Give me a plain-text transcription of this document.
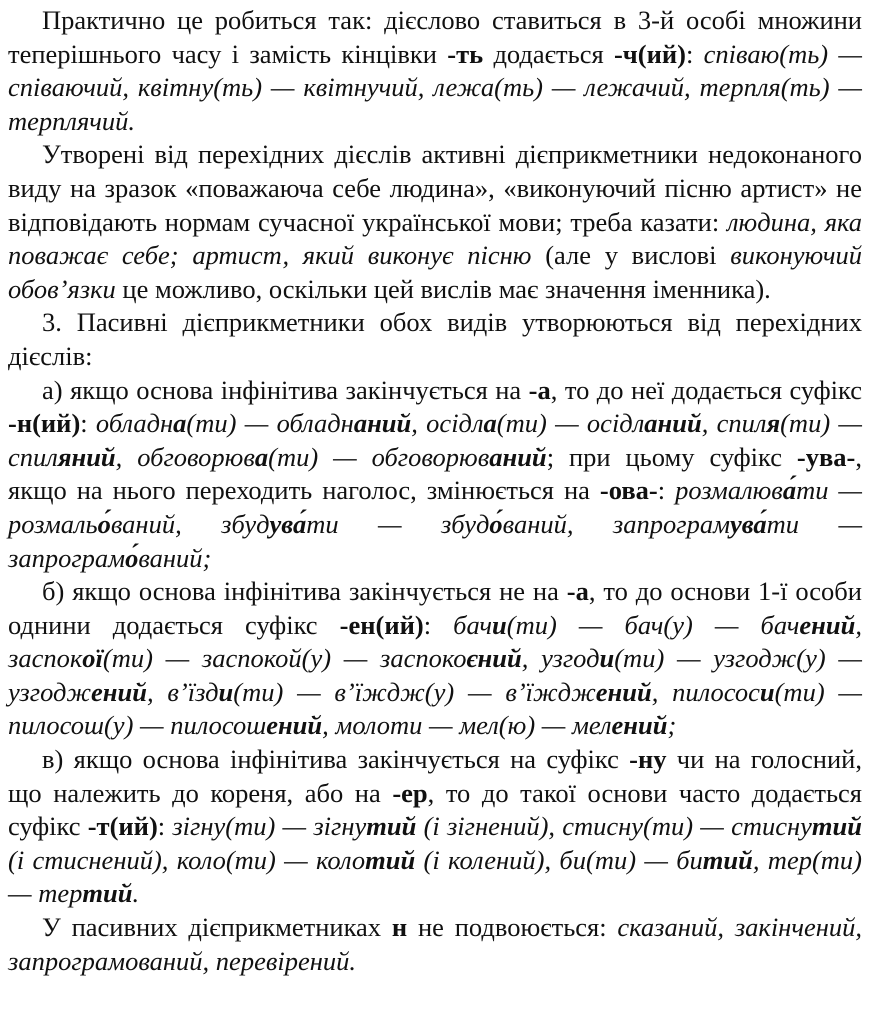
Практично це робиться так: дієслово ставиться в 3-й особі множини теперішнього часу і замість кінцівки -ть додається -ч(ий): співаю(ть) — співаючий, квітну(ть) — квітнучий, лежа(ть) — лежачий, терпля(ть) — терплячий.

Утворені від перехідних дієслів активні дієприкметники недоконаного виду на зразок «поважаюча себе людина», «виконуючий пісню артист» не відповідають нормам сучасної української мови; треба казати: людина, яка поважає себе; артист, який виконує пісню (але у вислові виконуючий обов’язки це можливо, оскільки цей вислів має значення іменника).

3. Пасивні дієприкметники обох видів утворюються від перехідних дієслів:

а) якщо основа інфінітива закінчується на -а, то до неї додається суфікс -н(ий): обладна(ти) — обладнаний, осідла(ти) — осідланий, спиля(ти) — спиляний, обговорюва(ти) — обговорюваний; при цьому суфікс -ува-, якщо на нього переходить наголос, змінюється на -ова-: розмалюва́ти — розмальо́ваний, збудува́ти — збудо́ваний, запрограмува́ти — запрограмо́ваний;

б) якщо основа інфінітива закінчується не на -а, то до основи 1-ї особи однини додається суфікс -ен(ий): бачи(ти) — бач(у) — бачений, заспокої(ти) — заспокой(у) — заспокоєний, узгоди(ти) — узгодж(у) — узгоджений, в’їзди(ти) — в’їждж(у) — в’їжджений, пилососи(ти) — пилосош(у) — пилосошений, молоти — мел(ю) — мелений;

в) якщо основа інфінітива закінчується на суфікс -ну чи на голосний, що належить до кореня, або на -ер, то до такої основи часто додається суфікс -т(ий): зігну(ти) — зігнутий (і зігнений), стисну(ти) — стиснутий (і стиснений), коло(ти) — колотий (і колений), би(ти) — битий, тер(ти) — тертий.

У пасивних дієприкметниках н не подвоюється: сказаний, закінчений, запрограмований, перевірений.
